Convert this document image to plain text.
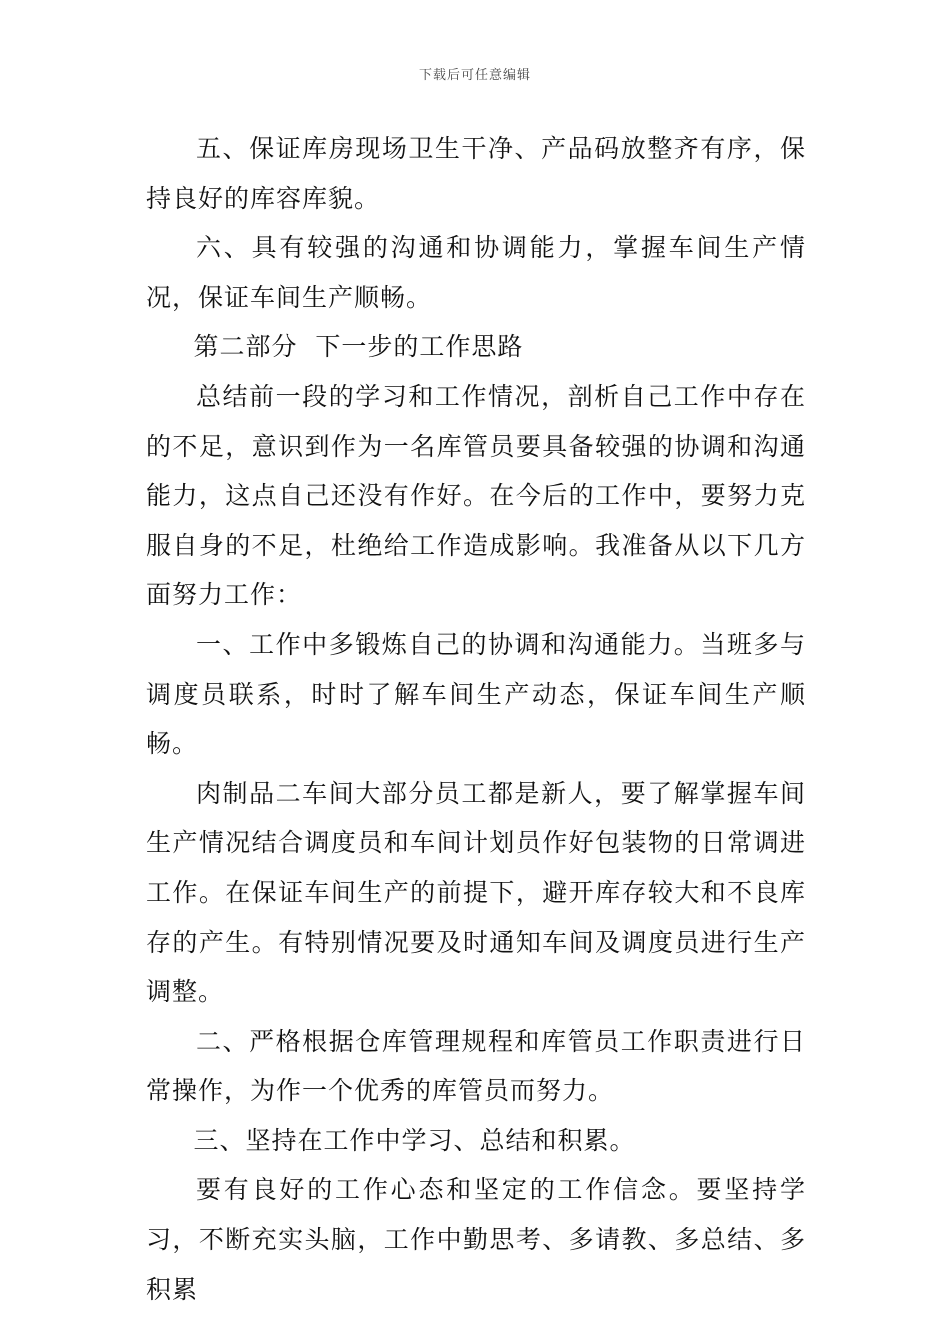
下载后可任意编辑

五、保证库房现场卫生干净、产品码放整齐有序，保持良好的库容库貌。

六、具有较强的沟通和协调能力，掌握车间生产情况，保证车间生产顺畅。

第二部分  下一步的工作思路

总结前一段的学习和工作情况，剖析自己工作中存在的不足，意识到作为一名库管员要具备较强的协调和沟通能力，这点自己还没有作好。在今后的工作中，要努力克服自身的不足，杜绝给工作造成影响。我准备从以下几方面努力工作：

一、工作中多锻炼自己的协调和沟通能力。当班多与调度员联系，时时了解车间生产动态，保证车间生产顺畅。

肉制品二车间大部分员工都是新人，要了解掌握车间生产情况结合调度员和车间计划员作好包装物的日常调进工作。在保证车间生产的前提下，避开库存较大和不良库存的产生。有特别情况要及时通知车间及调度员进行生产调整。

二、严格根据仓库管理规程和库管员工作职责进行日常操作，为作一个优秀的库管员而努力。

三、坚持在工作中学习、总结和积累。

要有良好的工作心态和坚定的工作信念。要坚持学习，不断充实头脑，工作中勤思考、多请教、多总结、多积累
